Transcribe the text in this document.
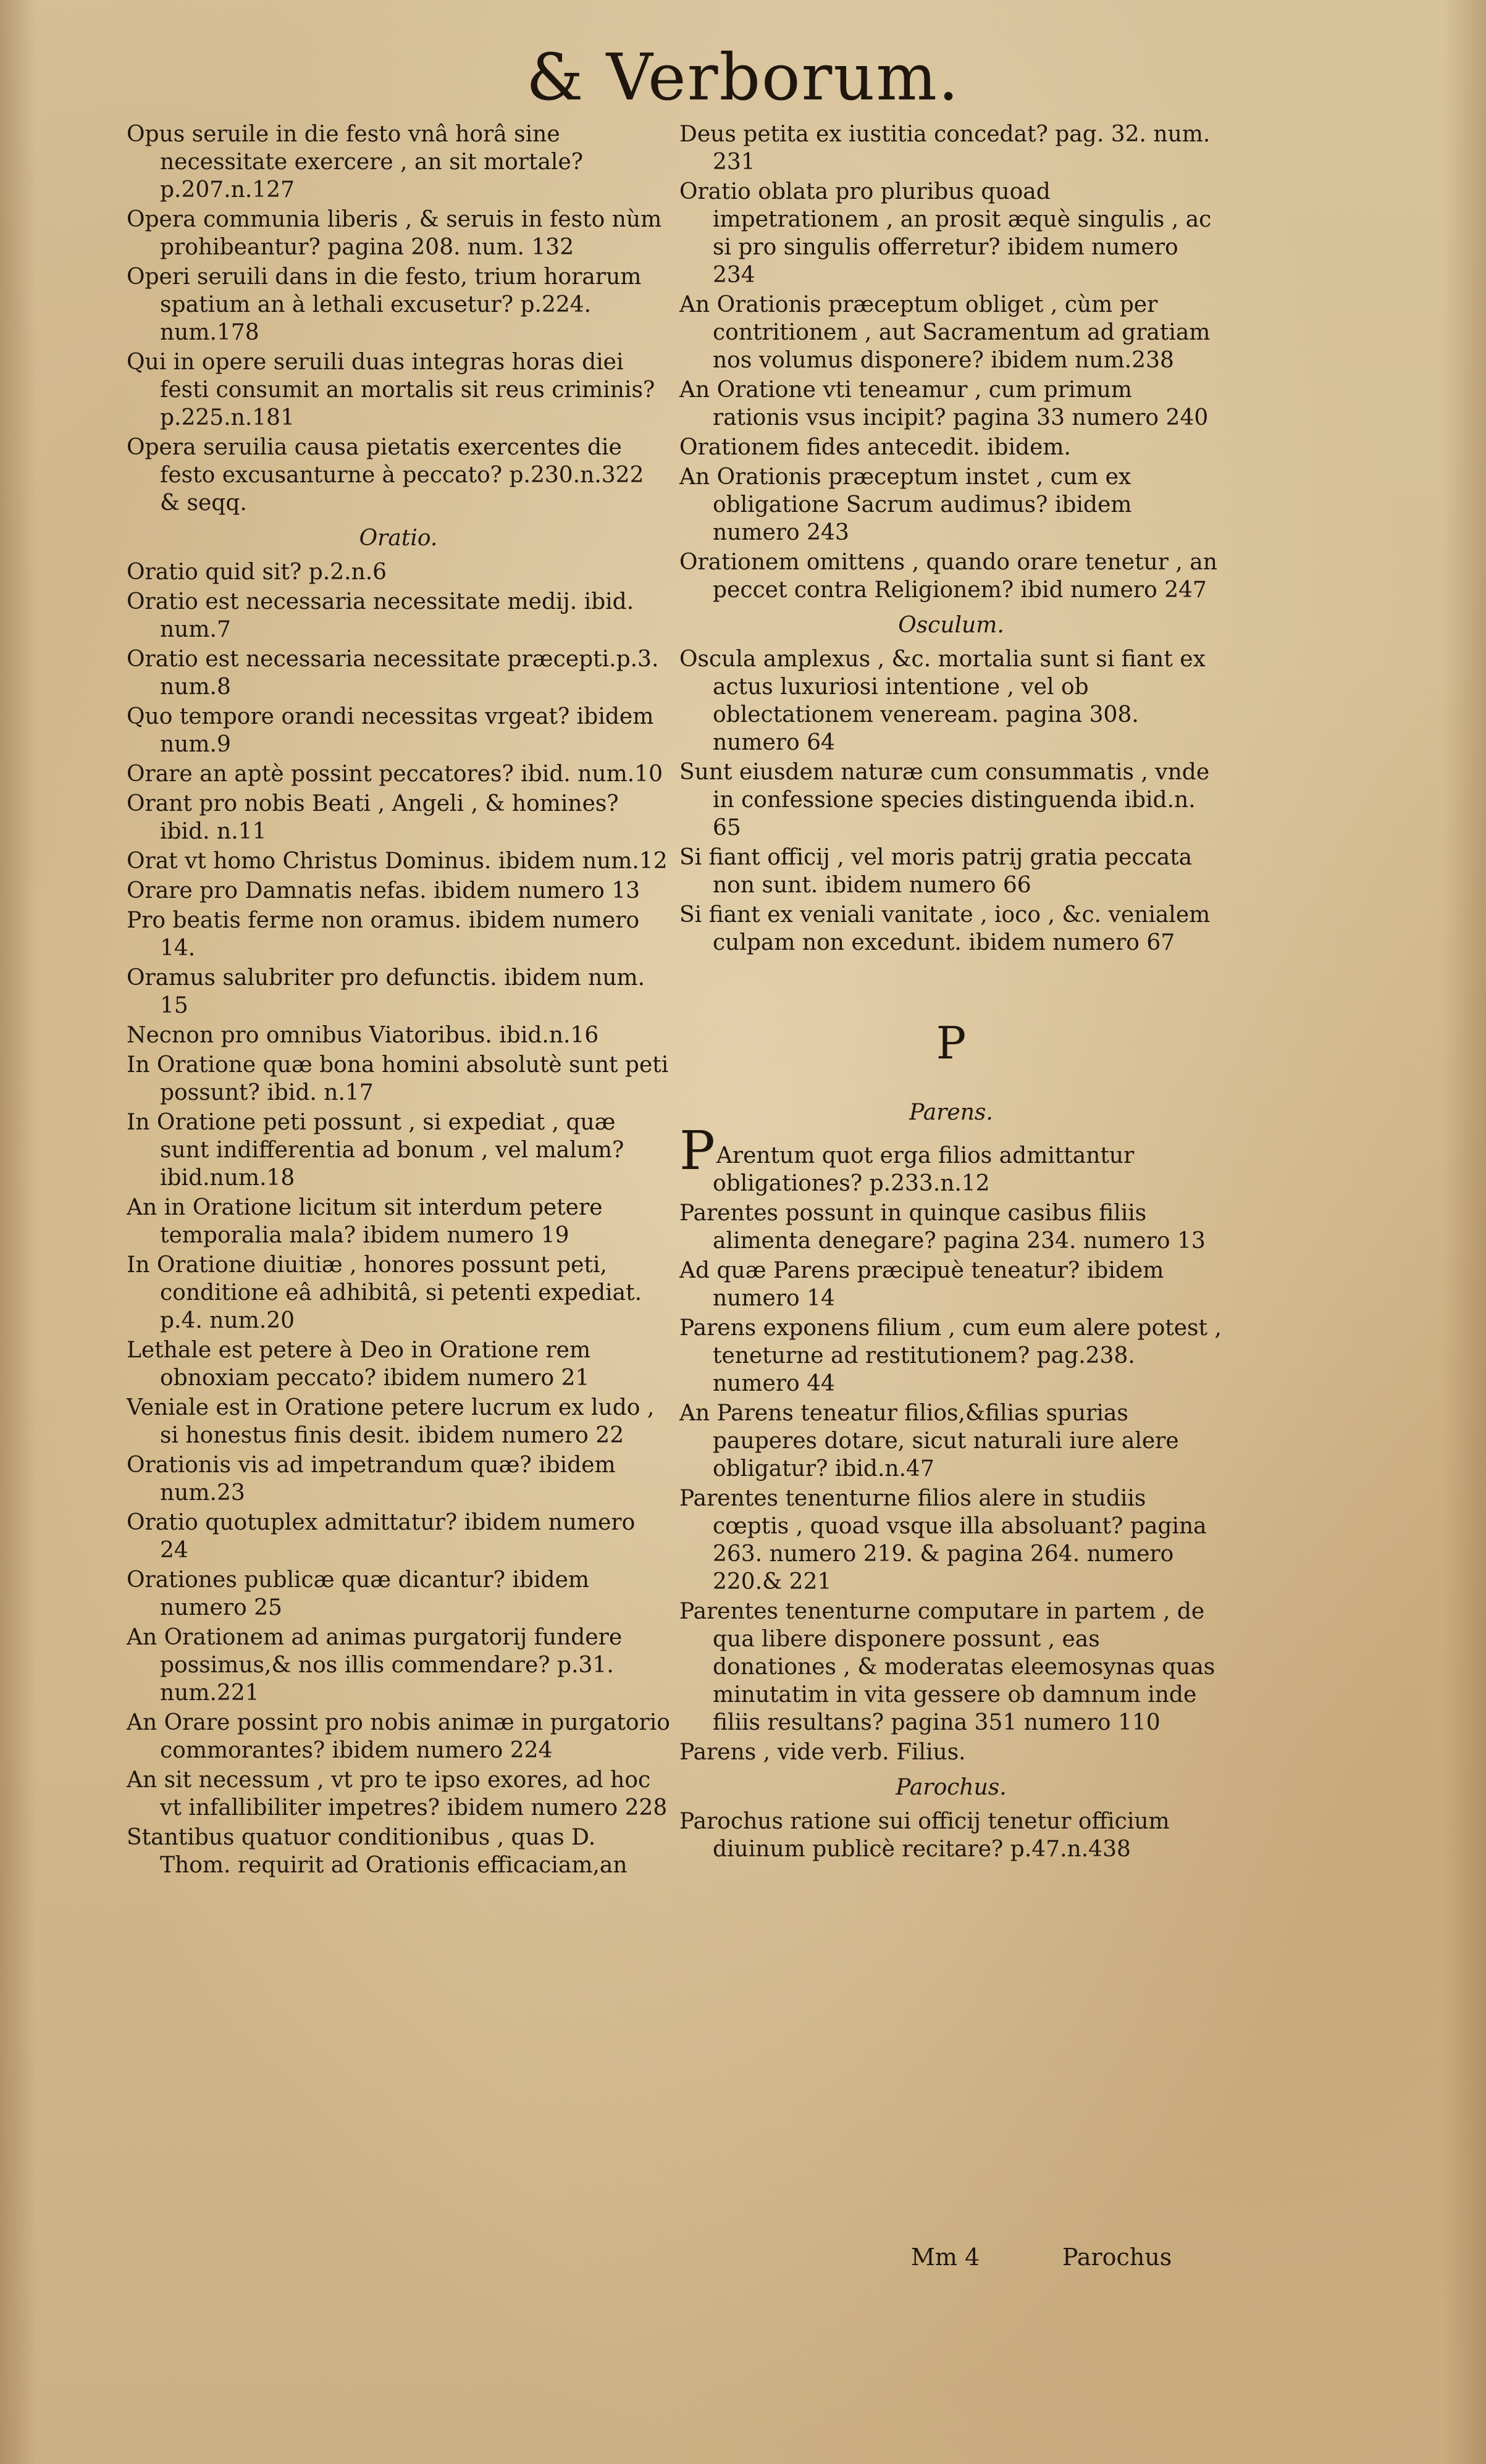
& Verborum.
Opus seruile in die festo vnâ horâ sine necessitate exercere , an sit mortale? p.207.n.127
Opera communia liberis , & seruis in festo nùm prohibeantur? pagina 208. num. 132
Operi seruili dans in die festo, trium horarum spatium an à lethali excusetur? p.224. num.178
Qui in opere seruili duas integras horas diei festi consumit an mortalis sit reus criminis? p.225.n.181
Opera seruilia causa pietatis exercentes die festo excusanturne à peccato? p.230.n.322 & seqq.
Oratio.
Oratio quid sit? p.2.n.6
Oratio est necessaria necessitate medij. ibid. num.7
Oratio est necessaria necessitate præcepti.p.3. num.8
Quo tempore orandi necessitas vrgeat? ibidem num.9
Orare an aptè possint peccatores? ibid. num.10
Orant pro nobis Beati , Angeli , & homines? ibid. n.11
Orat vt homo Christus Dominus. ibidem num.12
Orare pro Damnatis nefas. ibidem numero 13
Pro beatis ferme non oramus. ibidem numero 14.
Oramus salubriter pro defunctis. ibidem num. 15
Necnon pro omnibus Viatoribus. ibid.n.16
In Oratione quæ bona homini absolutè sunt peti possunt? ibid. n.17
In Oratione peti possunt , si expediat , quæ sunt indifferentia ad bonum , vel malum? ibid.num.18
An in Oratione licitum sit interdum petere temporalia mala? ibidem numero 19
In Oratione diuitiæ , honores possunt peti, conditione eâ adhibitâ, si petenti expediat. p.4. num.20
Lethale est petere à Deo in Oratione rem obnoxiam peccato? ibidem numero 21
Veniale est in Oratione petere lucrum ex ludo , si honestus finis desit. ibidem numero 22
Orationis vis ad impetrandum quæ? ibidem num.23
Oratio quotuplex admittatur? ibidem numero 24
Orationes publicæ quæ dicantur? ibidem numero 25
An Orationem ad animas purgatorij fundere possimus,& nos illis commendare? p.31. num.221
An Orare possint pro nobis animæ in purgatorio commorantes? ibidem numero 224
An sit necessum , vt pro te ipso exores, ad hoc vt infallibiliter impetres? ibidem numero 228
Stantibus quatuor conditionibus , quas D. Thom. requirit ad Orationis efficaciam,an
Deus petita ex iustitia concedat? pag. 32. num. 231
Oratio oblata pro pluribus quoad impetrationem , an prosit æquè singulis , ac si pro singulis offerretur? ibidem numero 234
An Orationis præceptum obliget , cùm per contritionem , aut Sacramentum ad gratiam nos volumus disponere? ibidem num.238
An Oratione vti teneamur , cum primum rationis vsus incipit? pagina 33 numero 240
Orationem fides antecedit. ibidem.
An Orationis præceptum instet , cum ex obligatione Sacrum audimus? ibidem numero 243
Orationem omittens , quando orare tenetur , an peccet contra Religionem? ibid numero 247
Osculum.
Oscula amplexus , &c. mortalia sunt si fiant ex actus luxuriosi intentione , vel ob oblectationem veneream. pagina 308. numero 64
Sunt eiusdem naturæ cum consummatis , vnde in confessione species distinguenda ibid.n. 65
Si fiant officij , vel moris patrij gratia peccata non sunt. ibidem numero 66
Si fiant ex veniali vanitate , ioco , &c. venialem culpam non excedunt. ibidem numero 67
P
Parens.
PArentum quot erga filios admittantur obligationes? p.233.n.12
Parentes possunt in quinque casibus filiis alimenta denegare? pagina 234. numero 13
Ad quæ Parens præcipuè teneatur? ibidem numero 14
Parens exponens filium , cum eum alere potest , teneturne ad restitutionem? pag.238. numero 44
An Parens teneatur filios,&filias spurias pauperes dotare, sicut naturali iure alere obligatur? ibid.n.47
Parentes tenenturne filios alere in studiis cœptis , quoad vsque illa absoluant? pagina 263. numero 219. & pagina 264. numero 220.& 221
Parentes tenenturne computare in partem , de qua libere disponere possunt , eas donationes , & moderatas eleemosynas quas minutatim in vita gessere ob damnum inde filiis resultans? pagina 351 numero 110
Parens , vide verb. Filius.
Parochus.
Parochus ratione sui officij tenetur officium diuinum publicè recitare? p.47.n.438
Mm 4	Parochus
